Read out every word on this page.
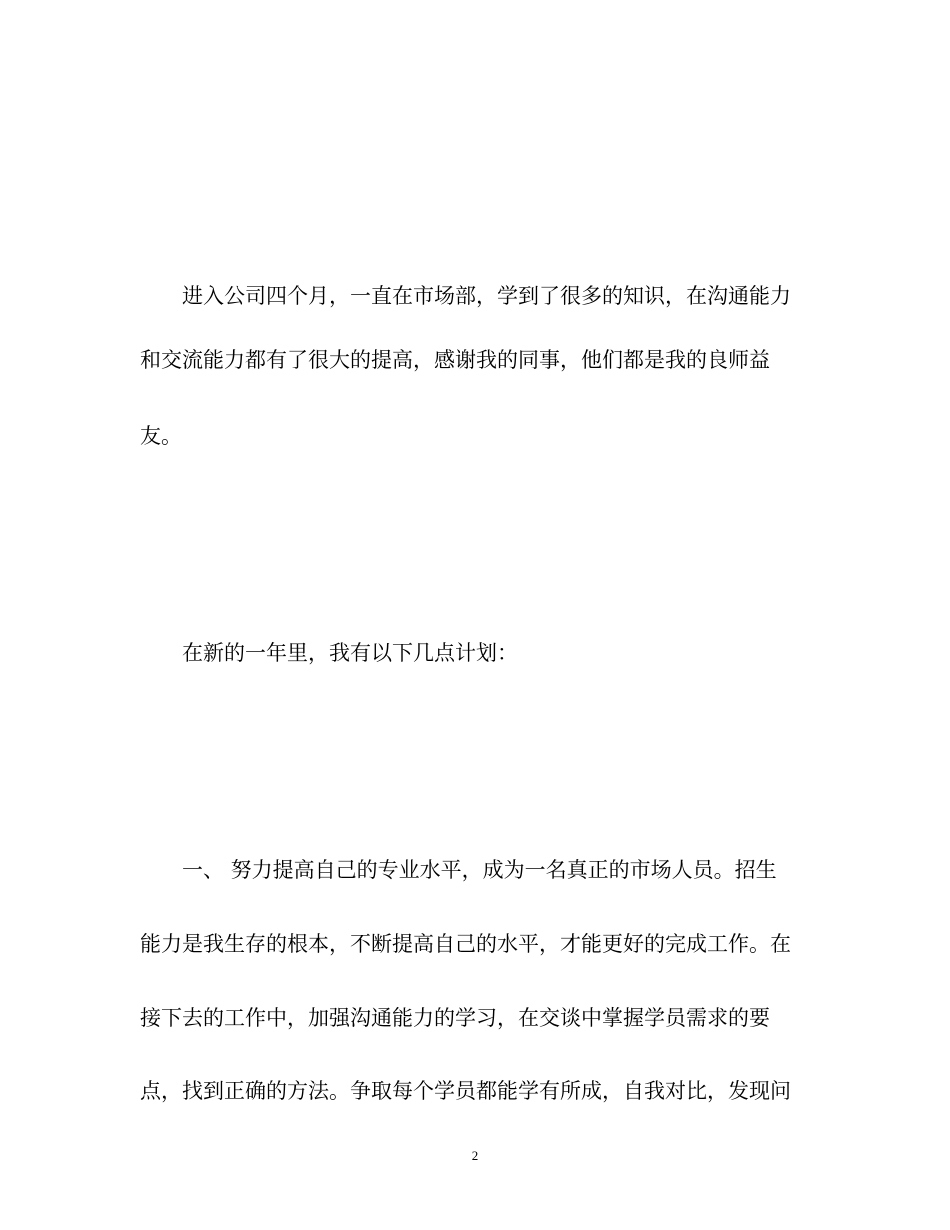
进入公司四个月，一直在市场部，学到了很多的知识，在沟通能力
和交流能力都有了很大的提高，感谢我的同事，他们都是我的良师益
友。
在新的一年里，我有以下几点计划：
一、 努力提高自己的专业水平，成为一名真正的市场人员。招生
能力是我生存的根本，不断提高自己的水平，才能更好的完成工作。在
接下去的工作中，加强沟通能力的学习，在交谈中掌握学员需求的要
点，找到正确的方法。争取每个学员都能学有所成，自我对比，发现问
2
